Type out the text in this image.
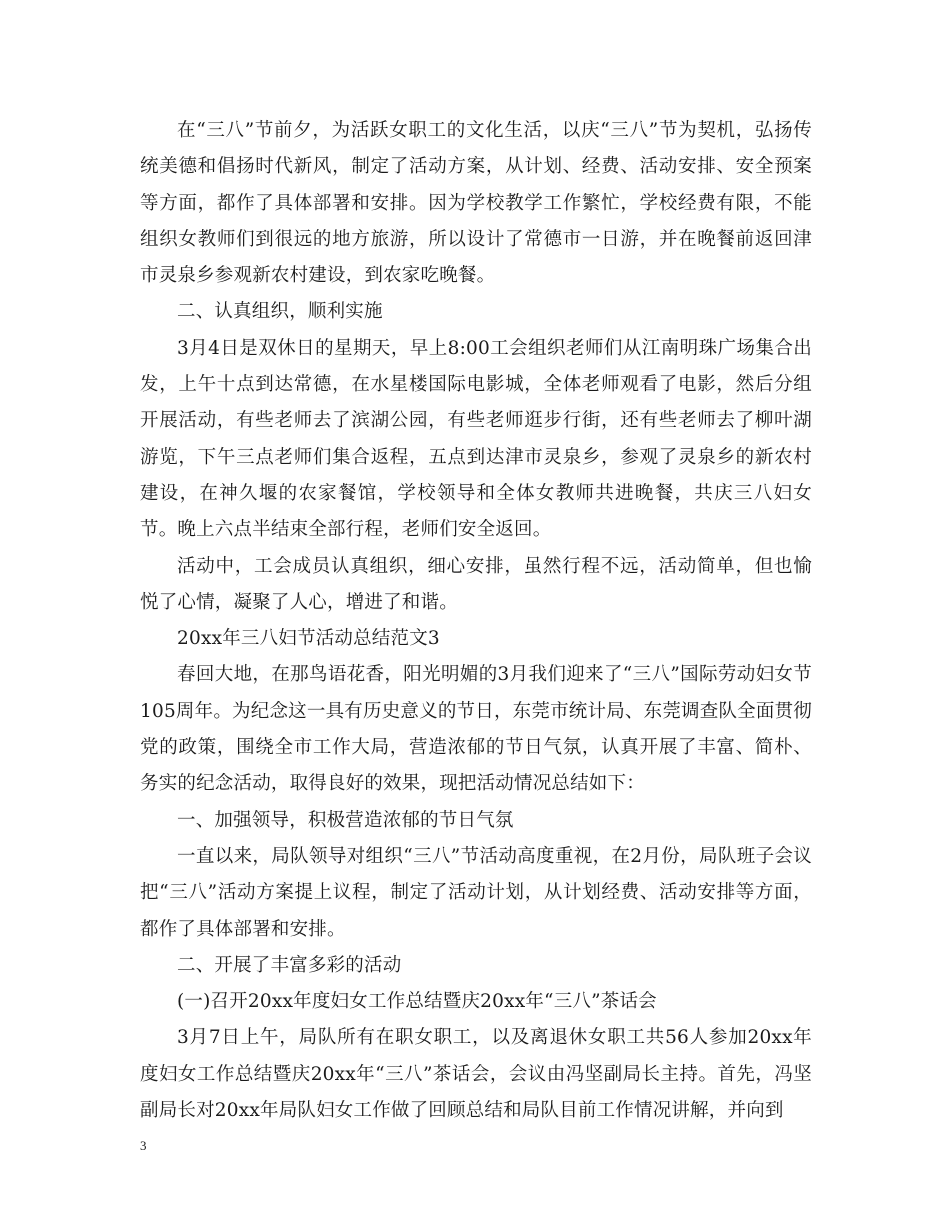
在“三八”节前夕，为活跃女职工的文化生活，以庆“三八”节为契机，弘扬传统美德和倡扬时代新风，制定了活动方案，从计划、经费、活动安排、安全预案等方面，都作了具体部署和安排。因为学校教学工作繁忙，学校经费有限，不能组织女教师们到很远的地方旅游，所以设计了常德市一日游，并在晚餐前返回津市灵泉乡参观新农村建设，到农家吃晚餐。

二、认真组织，顺利实施

3月4日是双休日的星期天，早上8:00工会组织老师们从江南明珠广场集合出发，上午十点到达常德，在水星楼国际电影城，全体老师观看了电影，然后分组开展活动，有些老师去了滨湖公园，有些老师逛步行街，还有些老师去了柳叶湖游览，下午三点老师们集合返程，五点到达津市灵泉乡，参观了灵泉乡的新农村建设，在神久堰的农家餐馆，学校领导和全体女教师共进晚餐，共庆三八妇女节。晚上六点半结束全部行程，老师们安全返回。

活动中，工会成员认真组织，细心安排，虽然行程不远，活动简单，但也愉悦了心情，凝聚了人心，增进了和谐。

20xx年三八妇节活动总结范文3

春回大地，在那鸟语花香，阳光明媚的3月我们迎来了“三八”国际劳动妇女节105周年。为纪念这一具有历史意义的节日，东莞市统计局、东莞调查队全面贯彻党的政策，围绕全市工作大局，营造浓郁的节日气氛，认真开展了丰富、简朴、务实的纪念活动，取得良好的效果，现把活动情况总结如下：

一、加强领导，积极营造浓郁的节日气氛

一直以来，局队领导对组织“三八”节活动高度重视，在2月份，局队班子会议把“三八”活动方案提上议程，制定了活动计划，从计划经费、活动安排等方面，都作了具体部署和安排。

二、开展了丰富多彩的活动

(一)召开20xx年度妇女工作总结暨庆20xx年“三八”茶话会

3月7日上午，局队所有在职女职工，以及离退休女职工共56人参加20xx年度妇女工作总结暨庆20xx年“三八”茶话会，会议由冯坚副局长主持。首先，冯坚副局长对20xx年局队妇女工作做了回顾总结和局队目前工作情况讲解，并向到

3
